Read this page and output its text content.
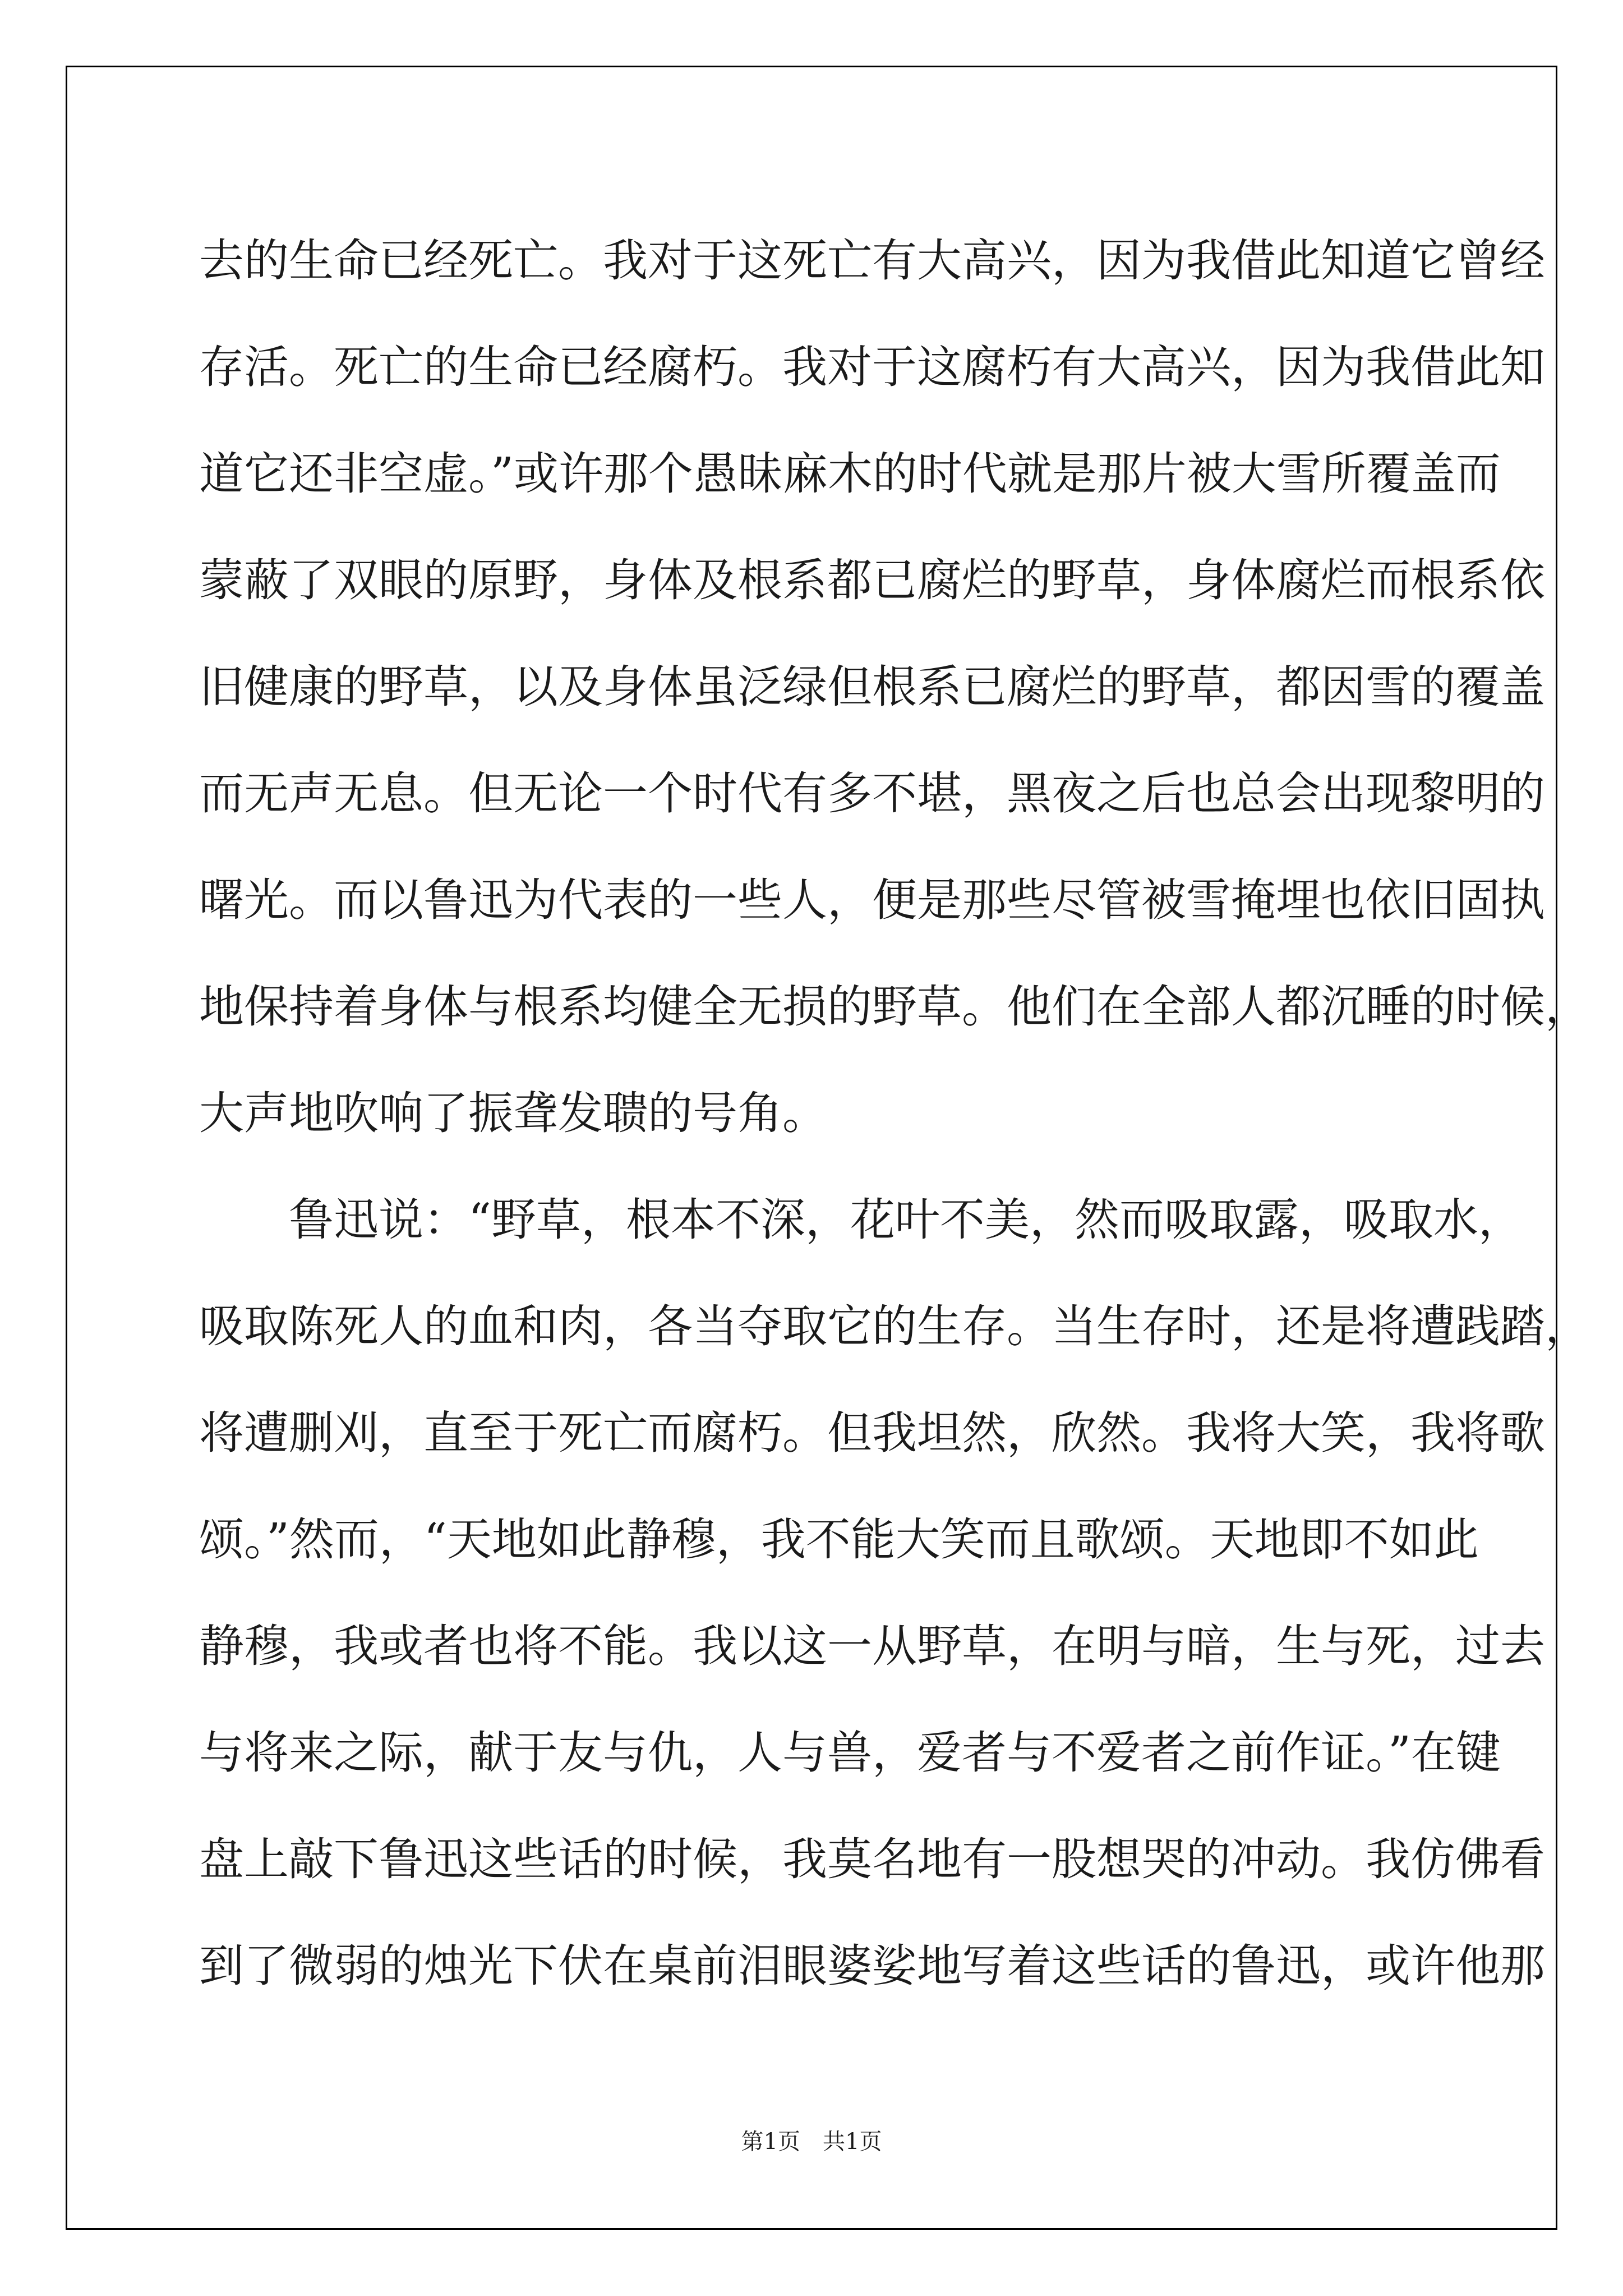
去的生命已经死亡。我对于这死亡有大高兴，因为我借此知道它曾经
存活。死亡的生命已经腐朽。我对于这腐朽有大高兴，因为我借此知
道它还非空虚。”或许那个愚昧麻木的时代就是那片被大雪所覆盖而
蒙蔽了双眼的原野，身体及根系都已腐烂的野草，身体腐烂而根系依
旧健康的野草，以及身体虽泛绿但根系已腐烂的野草，都因雪的覆盖
而无声无息。但无论一个时代有多不堪，黑夜之后也总会出现黎明的
曙光。而以鲁迅为代表的一些人，便是那些尽管被雪掩埋也依旧固执
地保持着身体与根系均健全无损的野草。他们在全部人都沉睡的时候，
大声地吹响了振聋发聩的号角。
鲁迅说：“野草，根本不深，花叶不美，然而吸取露，吸取水，
吸取陈死人的血和肉，各当夺取它的生存。当生存时，还是将遭践踏，
将遭删刈，直至于死亡而腐朽。但我坦然，欣然。我将大笑，我将歌
颂。”然而，“天地如此静穆，我不能大笑而且歌颂。天地即不如此
静穆，我或者也将不能。我以这一从野草，在明与暗，生与死，过去
与将来之际，献于友与仇，人与兽，爱者与不爱者之前作证。”在键
盘上敲下鲁迅这些话的时候，我莫名地有一股想哭的冲动。我仿佛看
到了微弱的烛光下伏在桌前泪眼婆娑地写着这些话的鲁迅，或许他那
第1页　共1页
